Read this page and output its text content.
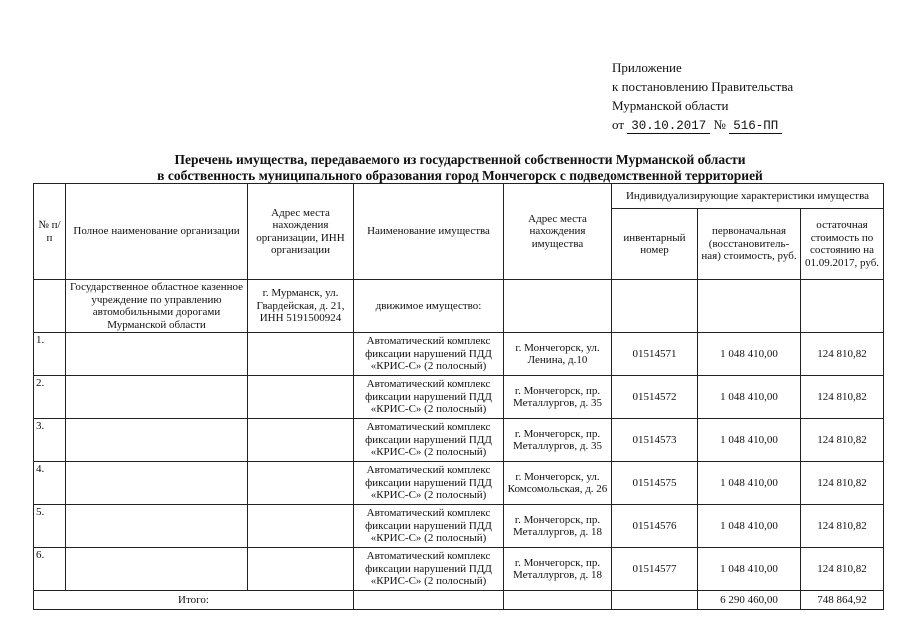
Приложение
к постановлению Правительства
Мурманской области
от 30.10.2017 № 516-ПП
Перечень имущества, передаваемого из государственной собственности Мурманской области
в собственность муниципального образования город Мончегорск с подведомственной территорией
№ п/п	Полное наименование организации	Адрес места нахождения организации, ИНН организации	Наименование имущества	Адрес места нахождения имущества	Индивидуализирующие характеристики имущества		
					инвентарный номер	первоначальная (восстановитель-ная) стоимость, руб.	остаточная стоимость по состоянию на 01.09.2017, руб.
	Государственное областное казенное учреждение по управлению автомобильными дорогами Мурманской области	г. Мурманск, ул. Гвардейская, д. 21, ИНН 5191500924	движимое имущество:				
1.			Автоматический комплекс фиксации нарушений ПДД «КРИС-С» (2 полосный)	г. Мончегорск, ул. Ленина, д.10	01514571	1 048 410,00	124 810,82
2.			Автоматический комплекс фиксации нарушений ПДД «КРИС-С» (2 полосный)	г. Мончегорск, пр. Металлургов, д. 35	01514572	1 048 410,00	124 810,82
3.			Автоматический комплекс фиксации нарушений ПДД «КРИС-С» (2 полосный)	г. Мончегорск, пр. Металлургов, д. 35	01514573	1 048 410,00	124 810,82
4.			Автоматический комплекс фиксации нарушений ПДД «КРИС-С» (2 полосный)	г. Мончегорск, ул. Комсомольская, д. 26	01514575	1 048 410,00	124 810,82
5.			Автоматический комплекс фиксации нарушений ПДД «КРИС-С» (2 полосный)	г. Мончегорск, пр. Металлургов, д. 18	01514576	1 048 410,00	124 810,82
6.			Автоматический комплекс фиксации нарушений ПДД «КРИС-С» (2 полосный)	г. Мончегорск, пр. Металлургов, д. 18	01514577	1 048 410,00	124 810,82
Итого:						6 290 460,00	748 864,92
